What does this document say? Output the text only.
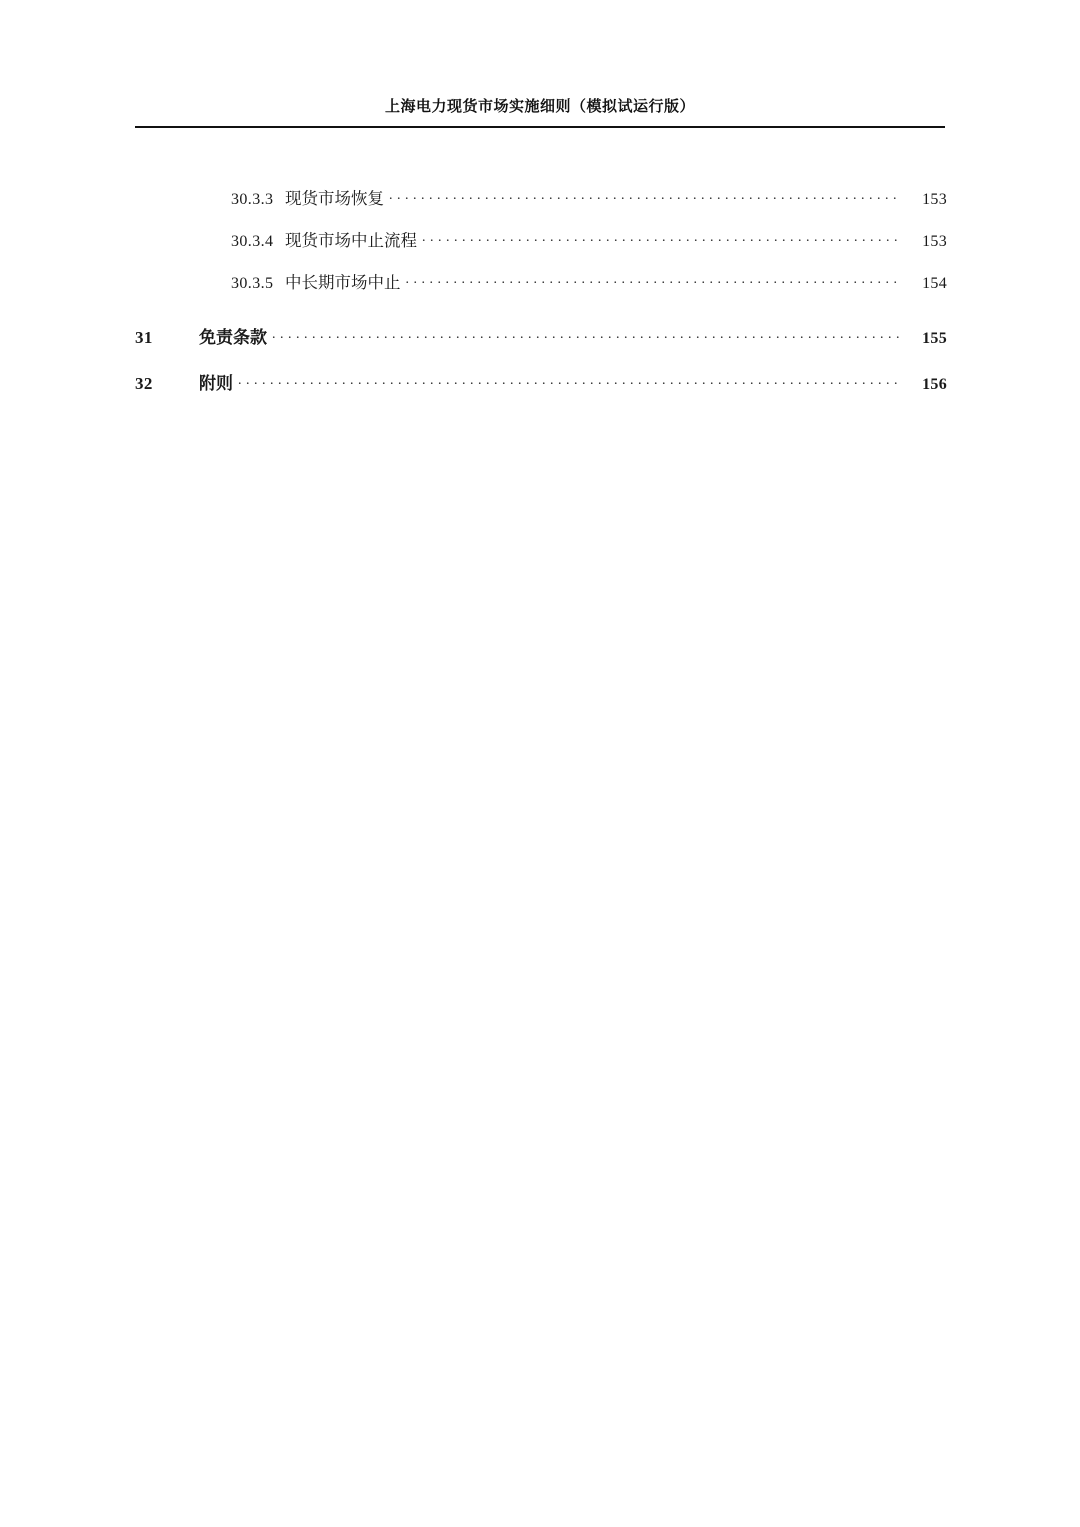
上海电力现货市场实施细则（模拟试运行版）
30.3.3 现货市场恢复 . . .	153
30.3.4 现货市场中止流程 . . .	153
30.3.5 中长期市场中止 . . .	154
31	免责条款 . . .	155
32	附则 . . .	156
